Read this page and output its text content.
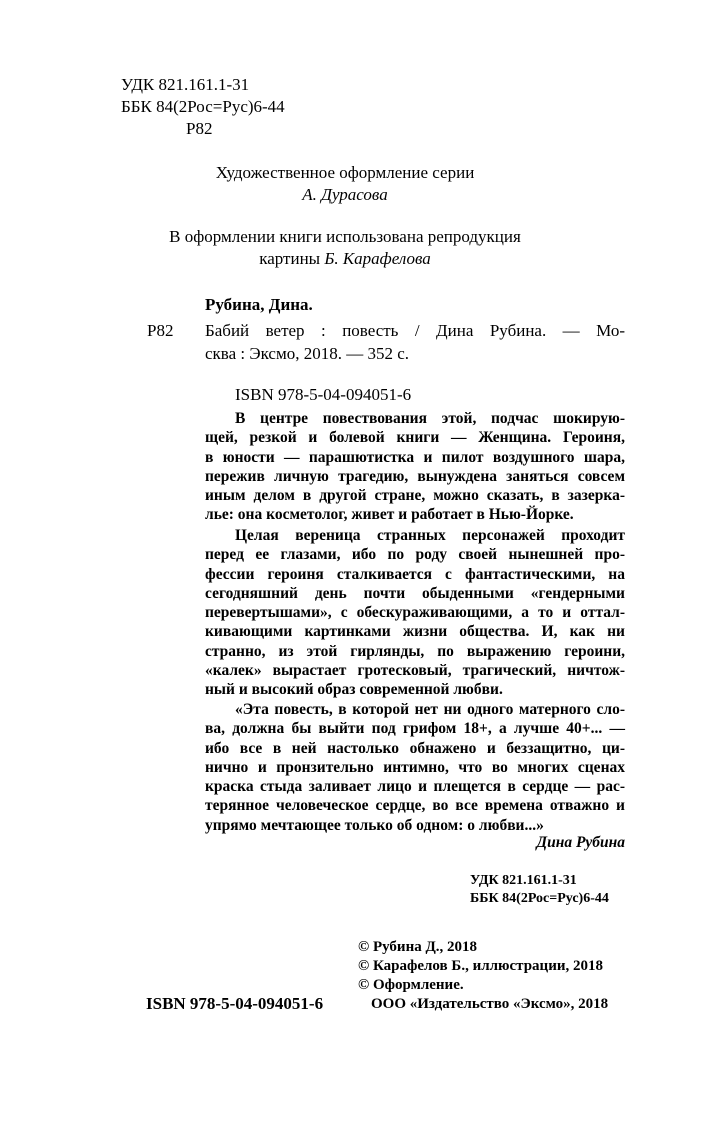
УДК 821.161.1-31
ББК 84(2Рос=Рус)6-44
Р82
Художественное оформление серии
А. Дурасова
В оформлении книги использована репродукция
картины Б. Карафелова
Рубина, Дина.
Р82 Бабий ветер : повесть / Дина Рубина. — Мо-
сква : Эксмо, 2018. — 352 с.
ISBN 978-5-04-094051-6
В центре повествования этой, подчас шокирую-
щей, резкой и болевой книги — Женщина. Героиня,
в юности — парашютистка и пилот воздушного шара,
пережив личную трагедию, вынуждена заняться совсем
иным делом в другой стране, можно сказать, в зазерка-
лье: она косметолог, живет и работает в Нью-Йорке.
Целая вереница странных персонажей проходит
перед ее глазами, ибо по роду своей нынешней про-
фессии героиня сталкивается с фантастическими, на
сегодняшний день почти обыденными «гендерными
перевертышами», с обескураживающими, а то и оттал-
кивающими картинками жизни общества. И, как ни
странно, из этой гирлянды, по выражению героини,
«калек» вырастает гротесковый, трагический, ничтож-
ный и высокий образ современной любви.
«Эта повесть, в которой нет ни одного матерного сло-
ва, должна бы выйти под грифом 18+, а лучше 40+... —
ибо все в ней настолько обнажено и беззащитно, ци-
нично и пронзительно интимно, что во многих сценах
краска стыда заливает лицо и плещется в сердце — рас-
терянное человеческое сердце, во все времена отважно и
упрямо мечтающее только об одном: о любви...»
Дина Рубина
УДК 821.161.1-31
ББК 84(2Рос=Рус)6-44
© Рубина Д., 2018
© Карафелов Б., иллюстрации, 2018
© Оформление.
ООО «Издательство «Эксмо», 2018
ISBN 978-5-04-094051-6
